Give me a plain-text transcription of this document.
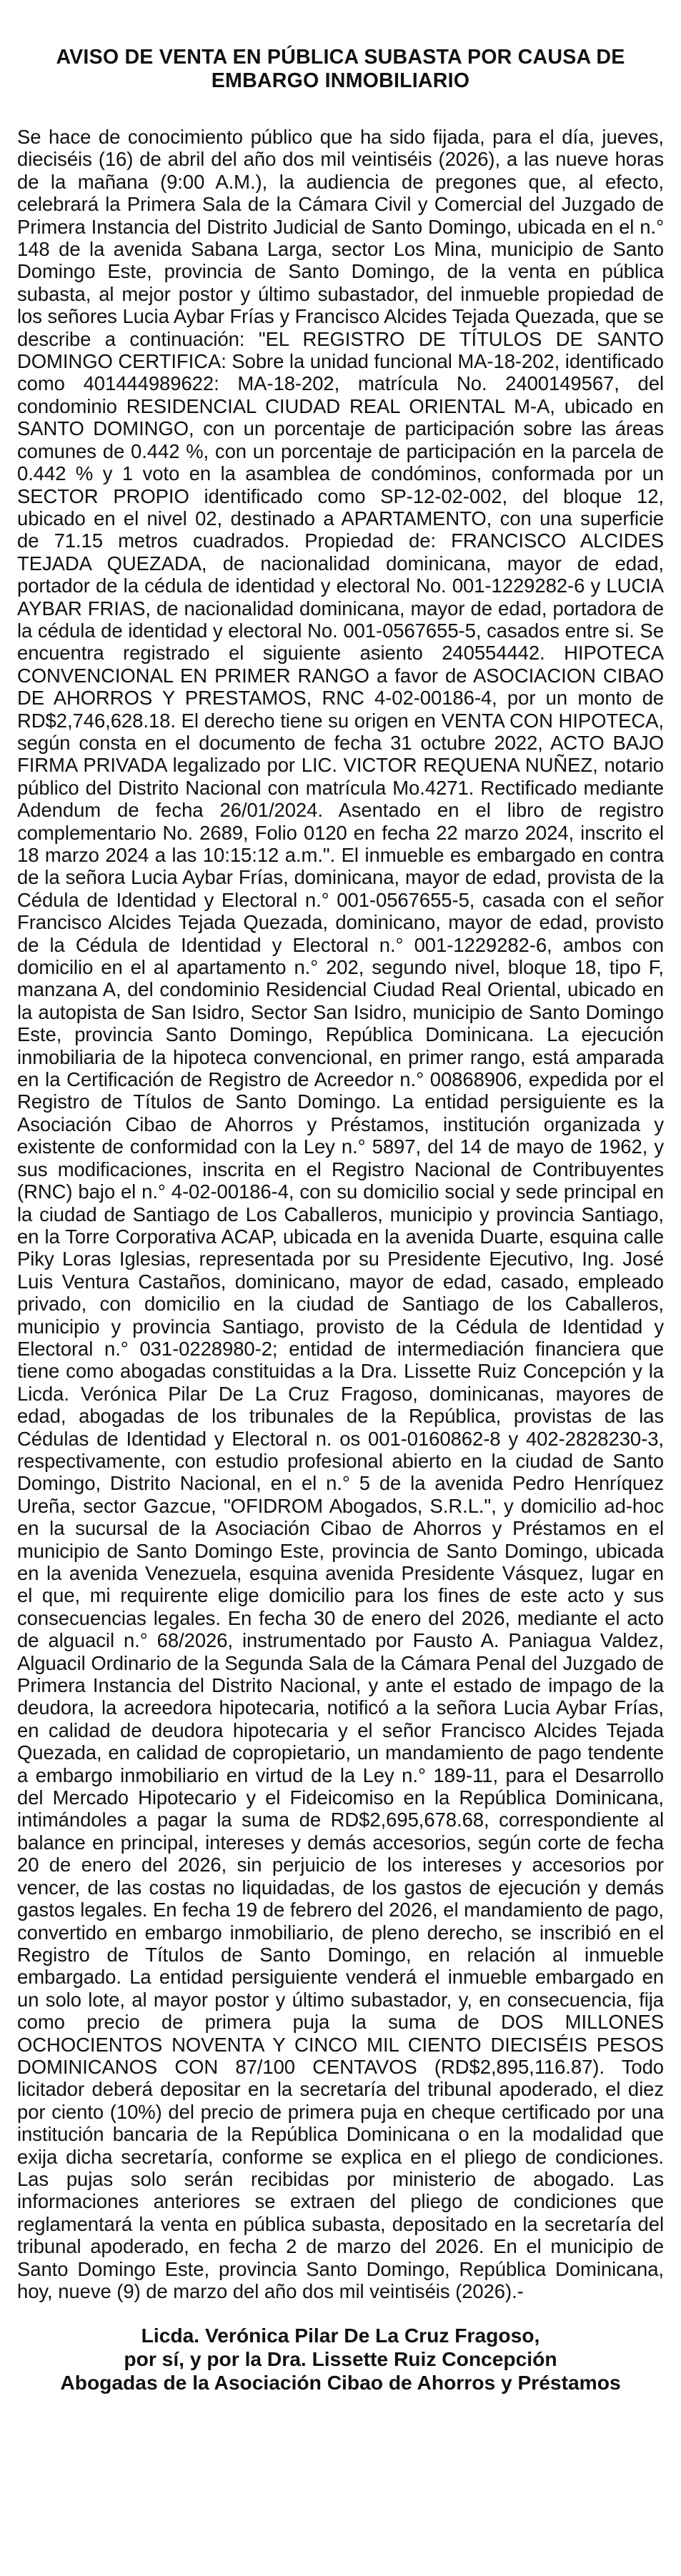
AVISO DE VENTA EN PÚBLICA SUBASTA POR CAUSA DE
EMBARGO INMOBILIARIO

Se hace de conocimiento público que ha sido fijada, para el día, jueves, dieciséis (16) de abril del año dos mil veintiséis (2026), a las nueve horas de la mañana (9:00 A.M.), la audiencia de pregones que, al efecto, celebrará la Primera Sala de la Cámara Civil y Comercial del Juzgado de Primera Instancia del Distrito Judicial de Santo Domingo, ubicada en el n.° 148 de la avenida Sabana Larga, sector Los Mina, municipio de Santo Domingo Este, provincia de Santo Domingo, de la venta en pública subasta, al mejor postor y último subastador, del inmueble propiedad de los señores Lucia Aybar Frías y Francisco Alcides Tejada Quezada, que se describe a continuación: "EL REGISTRO DE TÍTULOS DE SANTO DOMINGO CERTIFICA: Sobre la unidad funcional MA-18-202, identificado como 401444989622: MA-18-202, matrícula No. 2400149567, del condominio RESIDENCIAL CIUDAD REAL ORIENTAL M-A, ubicado en SANTO DOMINGO, con un porcentaje de participación sobre las áreas comunes de 0.442 %, con un porcentaje de participación en la parcela de 0.442 % y 1 voto en la asamblea de condóminos, conformada por un SECTOR PROPIO identificado como SP-12-02-002, del bloque 12, ubicado en el nivel 02, destinado a APARTAMENTO, con una superficie de 71.15 metros cuadrados. Propiedad de: FRANCISCO ALCIDES TEJADA QUEZADA, de nacionalidad dominicana, mayor de edad, portador de la cédula de identidad y electoral No. 001-1229282-6 y LUCIA AYBAR FRIAS, de nacionalidad dominicana, mayor de edad, portadora de la cédula de identidad y electoral No. 001-0567655-5, casados entre si. Se encuentra registrado el siguiente asiento 240554442. HIPOTECA CONVENCIONAL EN PRIMER RANGO a favor de ASOCIACION CIBAO DE AHORROS Y PRESTAMOS, RNC 4-02-00186-4, por un monto de RD$2,746,628.18. El derecho tiene su origen en VENTA CON HIPOTECA, según consta en el documento de fecha 31 octubre 2022, ACTO BAJO FIRMA PRIVADA legalizado por LIC. VICTOR REQUENA NUÑEZ, notario público del Distrito Nacional con matrícula Mo.4271. Rectificado mediante Adendum de fecha 26/01/2024. Asentado en el libro de registro complementario No. 2689, Folio 0120 en fecha 22 marzo 2024, inscrito el 18 marzo 2024 a las 10:15:12 a.m.". El inmueble es embargado en contra de la señora Lucia Aybar Frías, dominicana, mayor de edad, provista de la Cédula de Identidad y Electoral n.° 001-0567655-5, casada con el señor Francisco Alcides Tejada Quezada, dominicano, mayor de edad, provisto de la Cédula de Identidad y Electoral n.° 001-1229282-6, ambos con domicilio en el al apartamento n.° 202, segundo nivel, bloque 18, tipo F, manzana A, del condominio Residencial Ciudad Real Oriental, ubicado en la autopista de San Isidro, Sector San Isidro, municipio de Santo Domingo Este, provincia Santo Domingo, República Dominicana. La ejecución inmobiliaria de la hipoteca convencional, en primer rango, está amparada en la Certificación de Registro de Acreedor n.° 00868906, expedida por el Registro de Títulos de Santo Domingo. La entidad persiguiente es la Asociación Cibao de Ahorros y Préstamos, institución organizada y existente de conformidad con la Ley n.° 5897, del 14 de mayo de 1962, y sus modificaciones, inscrita en el Registro Nacional de Contribuyentes (RNC) bajo el n.° 4-02-00186-4, con su domicilio social y sede principal en la ciudad de Santiago de Los Caballeros, municipio y provincia Santiago, en la Torre Corporativa ACAP, ubicada en la avenida Duarte, esquina calle Piky Loras Iglesias, representada por su Presidente Ejecutivo, Ing. José Luis Ventura Castaños, dominicano, mayor de edad, casado, empleado privado, con domicilio en la ciudad de Santiago de los Caballeros, municipio y provincia Santiago, provisto de la Cédula de Identidad y Electoral n.° 031-0228980-2; entidad de intermediación financiera que tiene como abogadas constituidas a la Dra. Lissette Ruiz Concepción y la Licda. Verónica Pilar De La Cruz Fragoso, dominicanas, mayores de edad, abogadas de los tribunales de la República, provistas de las Cédulas de Identidad y Electoral n. os 001-0160862-8 y 402-2828230-3, respectivamente, con estudio profesional abierto en la ciudad de Santo Domingo, Distrito Nacional, en el n.° 5 de la avenida Pedro Henríquez Ureña, sector Gazcue, "OFIDROM Abogados, S.R.L.", y domicilio ad-hoc en la sucursal de la Asociación Cibao de Ahorros y Préstamos en el municipio de Santo Domingo Este, provincia de Santo Domingo, ubicada en la avenida Venezuela, esquina avenida Presidente Vásquez, lugar en el que, mi requirente elige domicilio para los fines de este acto y sus consecuencias legales. En fecha 30 de enero del 2026, mediante el acto de alguacil n.° 68/2026, instrumentado por Fausto A. Paniagua Valdez, Alguacil Ordinario de la Segunda Sala de la Cámara Penal del Juzgado de Primera Instancia del Distrito Nacional, y ante el estado de impago de la deudora, la acreedora hipotecaria, notificó a la señora Lucia Aybar Frías, en calidad de deudora hipotecaria y el señor Francisco Alcides Tejada Quezada, en calidad de copropietario, un mandamiento de pago tendente a embargo inmobiliario en virtud de la Ley n.° 189-11, para el Desarrollo del Mercado Hipotecario y el Fideicomiso en la República Dominicana, intimándoles a pagar la suma de RD$2,695,678.68, correspondiente al balance en principal, intereses y demás accesorios, según corte de fecha 20 de enero del 2026, sin perjuicio de los intereses y accesorios por vencer, de las costas no liquidadas, de los gastos de ejecución y demás gastos legales. En fecha 19 de febrero del 2026, el mandamiento de pago, convertido en embargo inmobiliario, de pleno derecho, se inscribió en el Registro de Títulos de Santo Domingo, en relación al inmueble embargado. La entidad persiguiente venderá el inmueble embargado en un solo lote, al mayor postor y último subastador, y, en consecuencia, fija como precio de primera puja la suma de DOS MILLONES OCHOCIENTOS NOVENTA Y CINCO MIL CIENTO DIECISÉIS PESOS DOMINICANOS CON 87/100 CENTAVOS (RD$2,895,116.87). Todo licitador deberá depositar en la secretaría del tribunal apoderado, el diez por ciento (10%) del precio de primera puja en cheque certificado por una institución bancaria de la República Dominicana o en la modalidad que exija dicha secretaría, conforme se explica en el pliego de condiciones. Las pujas solo serán recibidas por ministerio de abogado. Las informaciones anteriores se extraen del pliego de condiciones que reglamentará la venta en pública subasta, depositado en la secretaría del tribunal apoderado, en fecha 2 de marzo del 2026. En el municipio de Santo Domingo Este, provincia Santo Domingo, República Dominicana, hoy, nueve (9) de marzo del año dos mil veintiséis (2026).-

Licda. Verónica Pilar De La Cruz Fragoso,
por sí, y por la Dra. Lissette Ruiz Concepción
Abogadas de la Asociación Cibao de Ahorros y Préstamos
